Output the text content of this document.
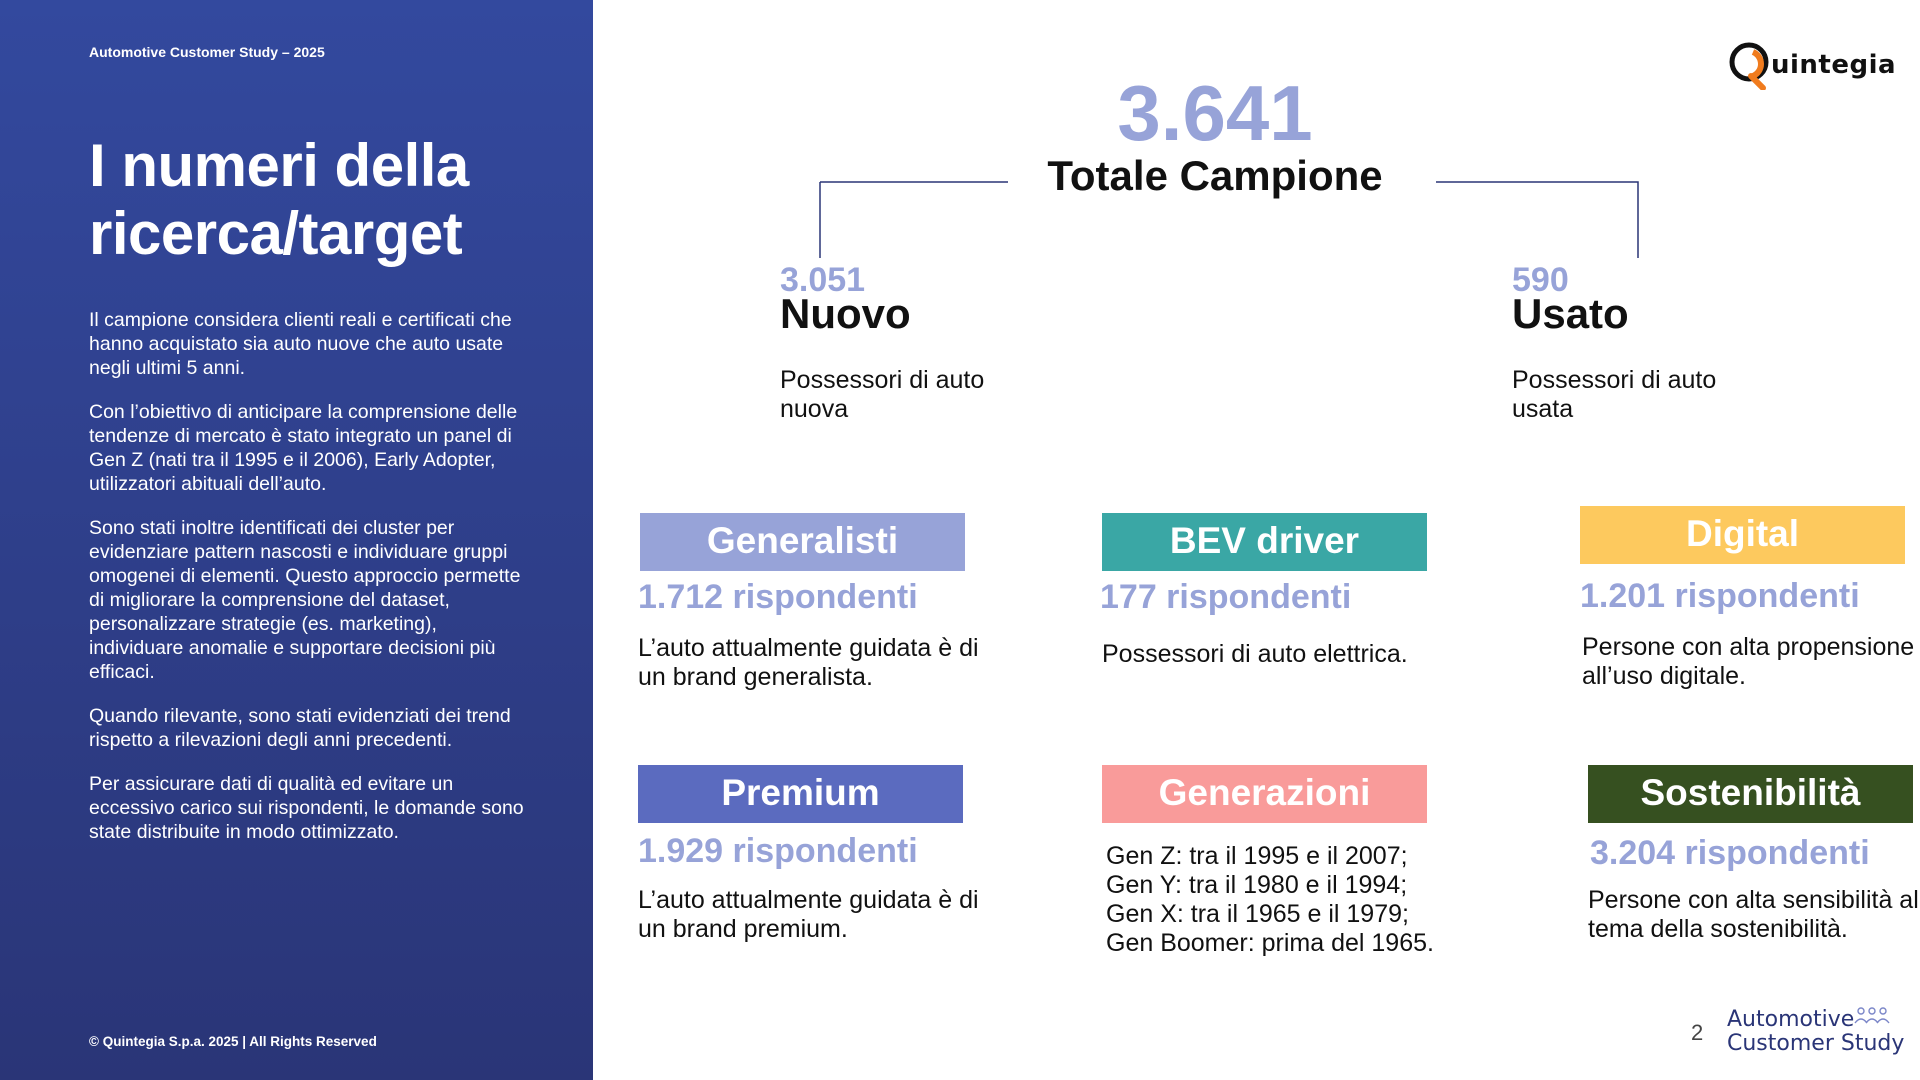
Automotive Customer Study – 2025
I numeri della ricerca/target

Il campione considera clienti reali e certificati che hanno acquistato sia auto nuove che auto usate negli ultimi 5 anni.

Con l’obiettivo di anticipare la comprensione delle tendenze di mercato è stato integrato un panel di Gen Z (nati tra il 1995 e il 2006), Early Adopter, utilizzatori abituali dell’auto.

Sono stati inoltre identificati dei cluster per evidenziare pattern nascosti e individuare gruppi omogenei di elementi. Questo approccio permette di migliorare la comprensione del dataset, personalizzare strategie (es. marketing), individuare anomalie e supportare decisioni più efficaci.

Quando rilevante, sono stati evidenziati dei trend rispetto a rilevazioni degli anni precedenti.

Per assicurare dati di qualità ed evitare un eccessivo carico sui rispondenti, le domande sono state distribuite in modo ottimizzato.

© Quintegia S.p.a. 2025 | All Rights Reserved
uintegia
3.641
Totale Campione
3.051
Nuovo
Possessori di auto nuova
590
Usato
Possessori di auto usata
Generalisti
1.712 rispondenti
L’auto attualmente guidata è di un brand generalista.
BEV driver
177 rispondenti
Possessori di auto elettrica.
Digital
1.201 rispondenti
Persone con alta propensione all’uso digitale.
Premium
1.929 rispondenti
L’auto attualmente guidata è di un brand premium.
Generazioni
Gen Z: tra il 1995 e il 2007;
Gen Y: tra il 1980 e il 1994;
Gen X: tra il 1965 e il 1979;
Gen Boomer: prima del 1965.
Sostenibilità
3.204 rispondenti
Persone con alta sensibilità al tema della sostenibilità.
2
Automotive
Customer Study
